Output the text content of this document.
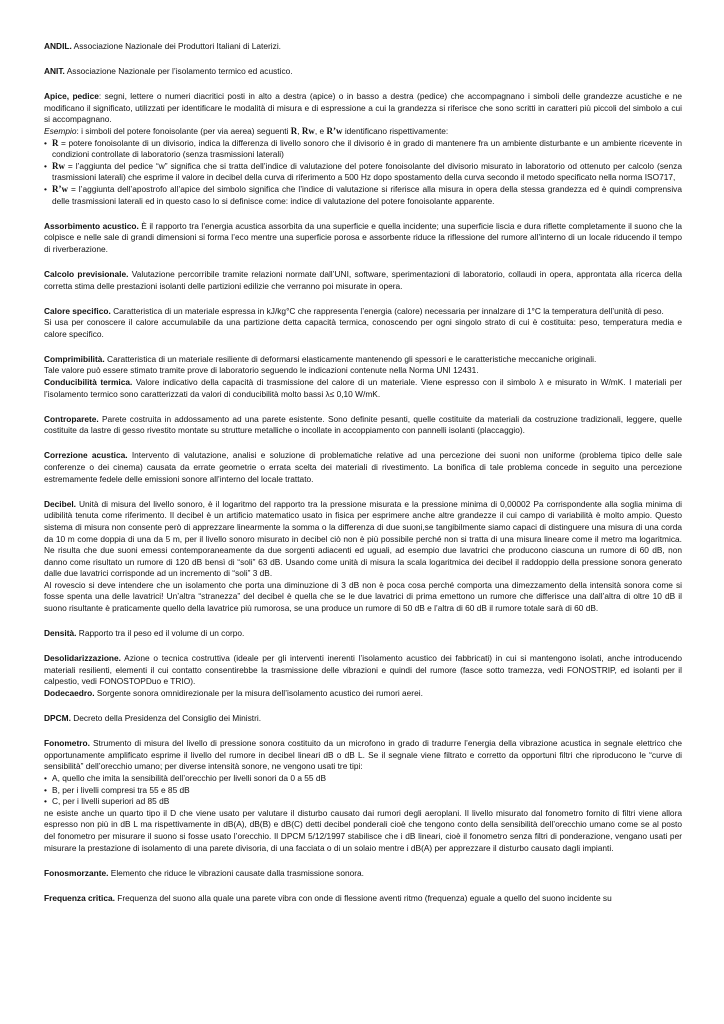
ANDIL. Associazione Nazionale dei Produttori Italiani di Laterizi.

ANIT. Associazione Nazionale per l’isolamento termico ed acustico.

Apice, pedice: segni, lettere o numeri diacritici posti in alto a destra (apice) o in basso a destra (pedice) che accompagnano i simboli delle grandezze acustiche e ne modificano il significato, utilizzati per identificare le modalità di misura e di espressione a cui la grandezza si riferisce che sono scritti in caratteri più piccoli del simbolo a cui si accompagnano.

Esempio: i simboli del potere fonoisolante (per via aerea) seguenti R, Rw, e R’w identificano rispettivamente:

• R = potere fonoisolante di un divisorio, indica la differenza di livello sonoro che il divisorio è in grado di mantenere fra un ambiente disturbante e un ambiente ricevente in condizioni controllate di laboratorio (senza trasmissioni laterali)
• Rw = l’aggiunta del pedice “w” significa che si tratta dell’indice di valutazione del potere fonoisolante del divisorio misurato in laboratorio od ottenuto per calcolo (senza trasmissioni laterali) che esprime il valore in decibel della curva di riferimento a 500 Hz dopo spostamento della curva secondo il metodo specificato nella norma ISO717,
• R’w = l’aggiunta dell’apostrofo all’apice del simbolo significa che l’indice di valutazione si riferisce alla misura in opera della stessa grandezza ed è quindi comprensiva delle trasmissioni laterali ed in questo caso lo si definisce come: indice di valutazione del potere fonoisolante apparente.

Assorbimento acustico. È il rapporto tra l’energia acustica assorbita da una superficie e quella incidente; una superficie liscia e dura riflette completamente il suono che la colpisce e nelle sale di grandi dimensioni si forma l’eco mentre una superficie porosa e assorbente riduce la riflessione del rumore all’interno di un locale riducendo il tempo di riverberazione.

Calcolo previsionale. Valutazione percorribile tramite relazioni normate dall’UNI, software, sperimentazioni di laboratorio, collaudi in opera, approntata alla ricerca della corretta stima delle prestazioni isolanti delle partizioni edilizie che verranno poi misurate in opera.

Calore specifico. Caratteristica di un materiale espressa in kJ/kg°C che rappresenta l’energia (calore) necessaria per innalzare di 1°C la temperatura dell’unità di peso.

Si usa per conoscere il calore accumulabile da una partizione detta capacità termica, conoscendo per ogni singolo strato di cui è costituita: peso, temperatura media e calore specifico.

Comprimibilità. Caratteristica di un materiale resiliente di deformarsi elasticamente mantenendo gli spessori e le caratteristiche meccaniche originali.

Tale valore può essere stimato tramite prove di laboratorio seguendo le indicazioni contenute nella Norma UNI 12431.

Conducibilità termica. Valore indicativo della capacità di trasmissione del calore di un materiale. Viene espresso con il simbolo λ e misurato in W/mK. I materiali per l’isolamento termico sono caratterizzati da valori di conducibilità molto bassi λ≤ 0,10 W/mK.

Controparete. Parete costruita in addossamento ad una parete esistente. Sono definite pesanti, quelle costituite da materiali da costruzione tradizionali, leggere, quelle costituite da lastre di gesso rivestito montate su strutture metalliche o incollate in accoppiamento con pannelli isolanti (placcaggio).

Correzione acustica. Intervento di valutazione, analisi e soluzione di problematiche relative ad una percezione dei suoni non uniforme (problema tipico delle sale conferenze o dei cinema) causata da errate geometrie o errata scelta dei materiali di rivestimento. La bonifica di tale problema concede in seguito una percezione estremamente fedele delle emissioni sonore all’interno del locale trattato.

Decibel. Unità di misura del livello sonoro, è il logaritmo del rapporto tra la pressione misurata e la pressione minima di 0,00002 Pa corrispondente alla soglia minima di udibilità tenuta come riferimento. Il decibel è un artificio matematico usato in fisica per esprimere anche altre grandezze il cui campo di variabilità è molto ampio. Questo sistema di misura non consente però di apprezzare linearmente la somma o la differenza di due suoni,se tangibilmente siamo capaci di distinguere una misura di una corda da 10 m come doppia di una da 5 m, per il livello sonoro misurato in decibel ciò non è più possibile perché non si tratta di una misura lineare come il metro ma logaritmica. Ne risulta che due suoni emessi contemporaneamente da due sorgenti adiacenti ed uguali, ad esempio due lavatrici che producono ciascuna un rumore di 60 dB, non danno come risultato un rumore di 120 dB bensì di “soli” 63 dB. Usando come unità di misura la scala logaritmica dei decibel il raddoppio della pressione sonora generato dalle due lavatrici corrisponde ad un incremento di “soli” 3 dB.

Al rovescio si deve intendere che un isolamento che porta una diminuzione di 3 dB non è poca cosa perché comporta una dimezzamento della intensità sonora come si fosse spenta una delle lavatrici! Un’altra “stranezza” del decibel è quella che se le due lavatrici di prima emettono un rumore che differisce una dall’altra di oltre 10 dB il suono risultante è praticamente quello della lavatrice più rumorosa, se una produce un rumore di 50 dB e l’altra di 60 dB il rumore totale sarà di 60 dB.

Densità. Rapporto tra il peso ed il volume di un corpo.

Desolidarizzazione. Azione o tecnica costruttiva (ideale per gli interventi inerenti l’isolamento acustico dei fabbricati) in cui si mantengono isolati, anche introducendo materiali resilienti, elementi il cui contatto consentirebbe la trasmissione delle vibrazioni e quindi del rumore (fasce sotto tramezza, vedi FONOSTRIP, ed isolanti per il calpestio, vedi FONOSTOPDuo e TRIO).

Dodecaedro. Sorgente sonora omnidirezionale per la misura dell’isolamento acustico dei rumori aerei.

DPCM. Decreto della Presidenza del Consiglio dei Ministri.

Fonometro. Strumento di misura del livello di pressione sonora costituito da un microfono in grado di tradurre l’energia della vibrazione acustica in segnale elettrico che opportunamente amplificato esprime il livello del rumore in decibel lineari dB o dB L. Se il segnale viene filtrato e corretto da opportuni filtri che riproducono le “curve di sensibilità” dell’orecchio umano; per diverse intensità sonore, ne vengono usati tre tipi:

• A, quello che imita la sensibilità dell’orecchio per livelli sonori da 0 a 55 dB
• B, per i livelli compresi tra 55 e 85 dB
• C, per i livelli superiori ad 85 dB

ne esiste anche un quarto tipo il D che viene usato per valutare il disturbo causato dai rumori degli aeroplani. Il livello misurato dal fonometro fornito di filtri viene allora espresso non più in dB L ma rispettivamente in dB(A), dB(B) e dB(C) detti decibel ponderali cioè che tengono conto della sensibilità dell’orecchio umano come se al posto del fonometro per misurare il suono si fosse usato l’orecchio. Il DPCM 5/12/1997 stabilisce che i dB lineari, cioè il fonometro senza filtri di ponderazione, vengano usati per misurare la prestazione di isolamento di una parete divisoria, di una facciata o di un solaio mentre i dB(A) per apprezzare il disturbo causato dagli impianti.

Fonosmorzante. Elemento che riduce le vibrazioni causate dalla trasmissione sonora.

Frequenza critica. Frequenza del suono alla quale una parete vibra con onde di flessione aventi ritmo (frequenza) eguale a quello del suono incidente su
